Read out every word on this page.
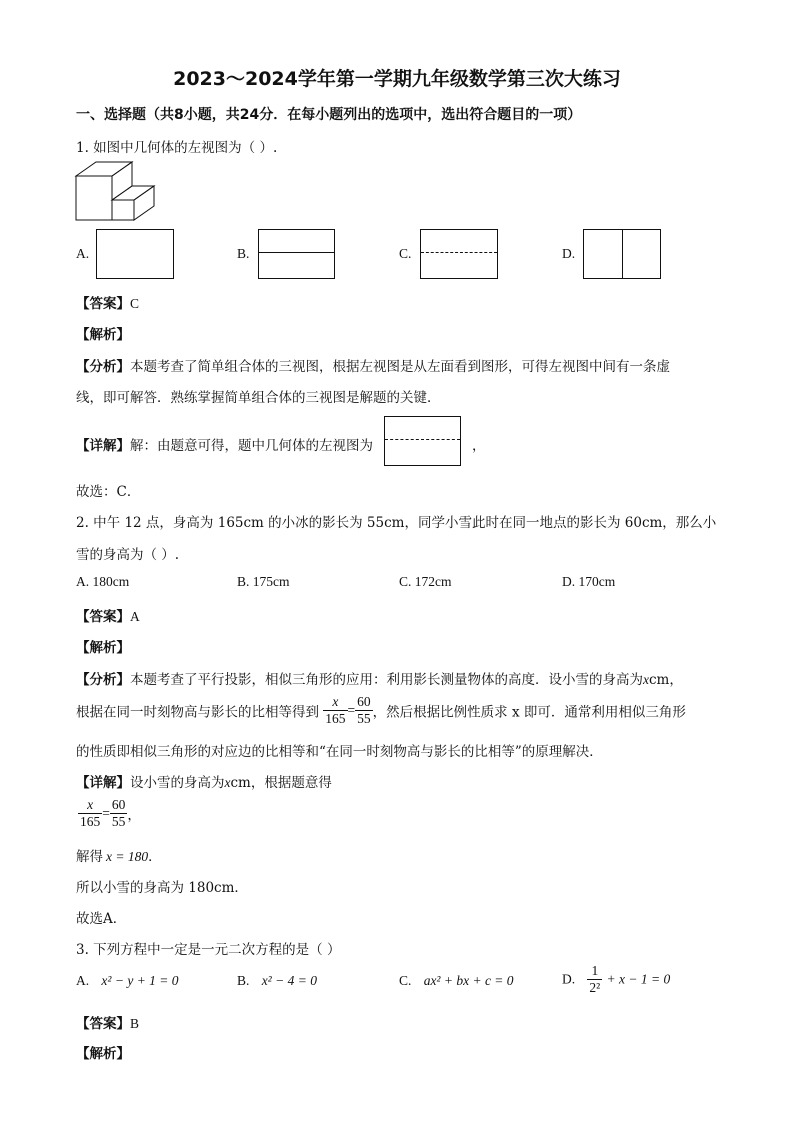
2023～2024学年第一学期九年级数学第三次大练习
一、选择题（共8小题，共24分．在每小题列出的选项中，选出符合题目的一项）
1. 如图中几何体的左视图为（ ）.
A.	B.	C.	D.
【答案】C
【解析】
【分析】本题考查了简单组合体的三视图，根据左视图是从左面看到图形，可得左视图中间有一条虚
线，即可解答．熟练掌握简单组合体的三视图是解题的关键．
【详解】解：由题意可得，题中几何体的左视图为	，
故选：C．
2. 中午 12 点，身高为 165cm 的小冰的影长为 55cm，同学小雪此时在同一地点的影长为 60cm，那么小
雪的身高为（ ）.
A. 180cm	B. 175cm	C. 172cm	D. 170cm
【答案】A
【解析】
【分析】本题考查了平行投影，相似三角形的应用：利用影长测量物体的高度．设小雪的身高为xcm，
根据在同一时刻物高与影长的比相等得到 $\frac{x}{165} = \frac{60}{55}$ ，然后根据比例性质求 x 即可．通常利用相似三角形
的性质即相似三角形的对应边的比相等和“在同一时刻物高与影长的比相等”的原理解决．
【详解】设小雪的身高为xcm，根据题意得
$\frac{x}{165} = \frac{60}{55}$ ，
解得 x = 180．
所以小雪的身高为 180cm．
故选A．
3. 下列方程中一定是一元二次方程的是（ ）
A. x² − y + 1 = 0	B. x² − 4 = 0	C. ax² + bx + c = 0	D. $\frac{1}{\text{2²}} + x - 1 = 0$
【答案】B
【解析】
